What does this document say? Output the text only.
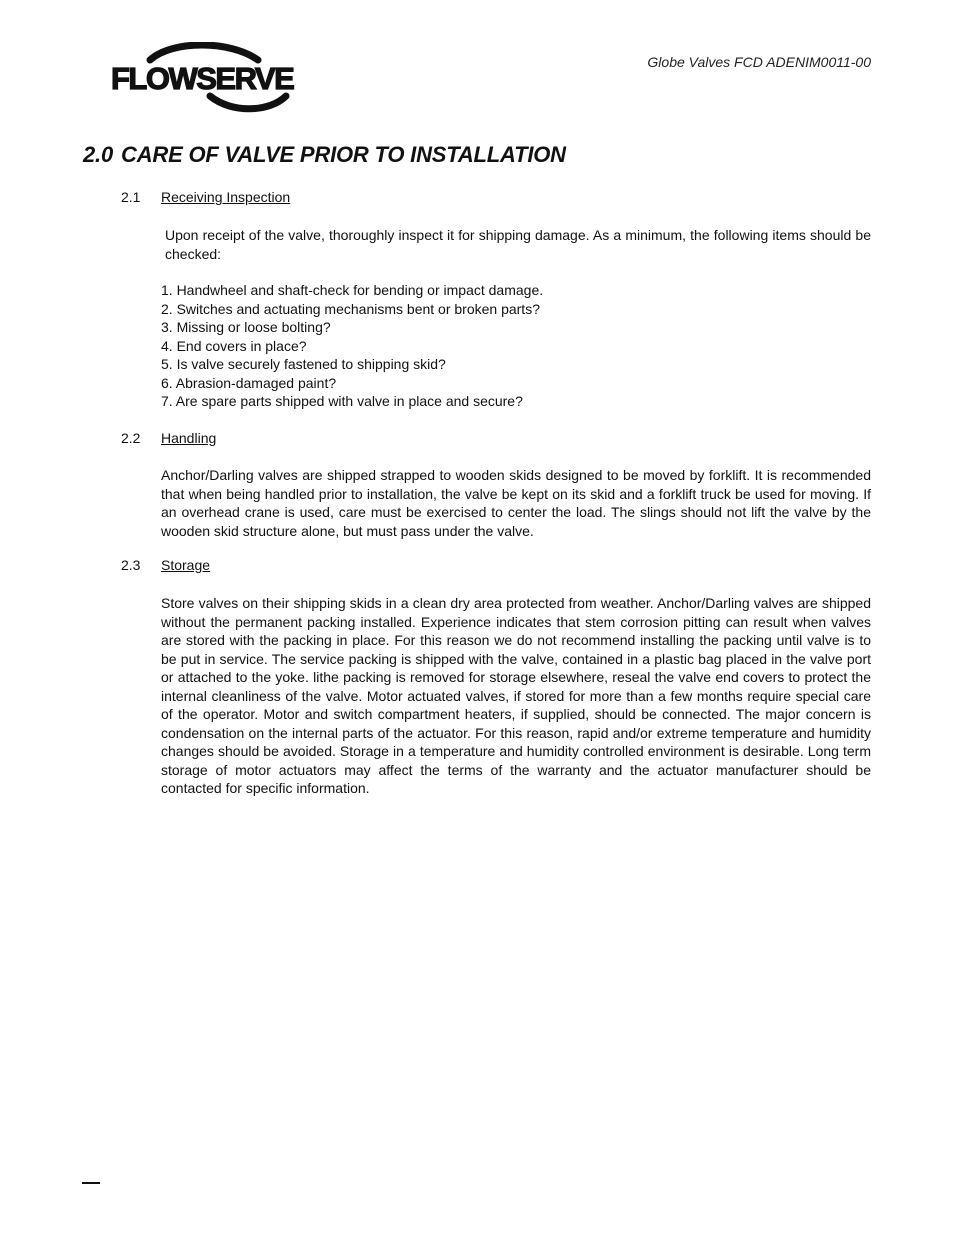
FLOWSERVE	Globe Valves FCD ADENIM0011-00
2.0 CARE OF VALVE PRIOR TO INSTALLATION
2.1 Receiving Inspection

Upon receipt of the valve, thoroughly inspect it for shipping damage. As a minimum, the following items should be checked:

1. Handwheel and shaft-check for bending or impact damage.
2. Switches and actuating mechanisms bent or broken parts?
3. Missing or loose bolting?
4. End covers in place?
5. Is valve securely fastened to shipping skid?
6. Abrasion-damaged paint?
7. Are spare parts shipped with valve in place and secure?
2.2 Handling

Anchor/Darling valves are shipped strapped to wooden skids designed to be moved by forklift. It is recommended that when being handled prior to installation, the valve be kept on its skid and a forklift truck be used for moving. If an overhead crane is used, care must be exercised to center the load. The slings should not lift the valve by the wooden skid structure alone, but must pass under the valve.

2.3 Storage

Store valves on their shipping skids in a clean dry area protected from weather. Anchor/Darling valves are shipped without the permanent packing installed. Experience indicates that stem corrosion pitting can result when valves are stored with the packing in place. For this reason we do not recommend installing the packing until valve is to be put in service. The service packing is shipped with the valve, contained in a plastic bag placed in the valve port or attached to the yoke. lithe packing is removed for storage elsewhere, reseal the valve end covers to protect the internal cleanliness of the valve. Motor actuated valves, if stored for more than a few months require special care of the operator. Motor and switch compartment heaters, if supplied, should be connected. The major concern is condensation on the internal parts of the actuator. For this reason, rapid and/or extreme temperature and humidity changes should be avoided. Storage in a temperature and humidity controlled environment is desirable. Long term storage of motor actuators may affect the terms of the warranty and the actuator manufacturer should be contacted for specific information.
